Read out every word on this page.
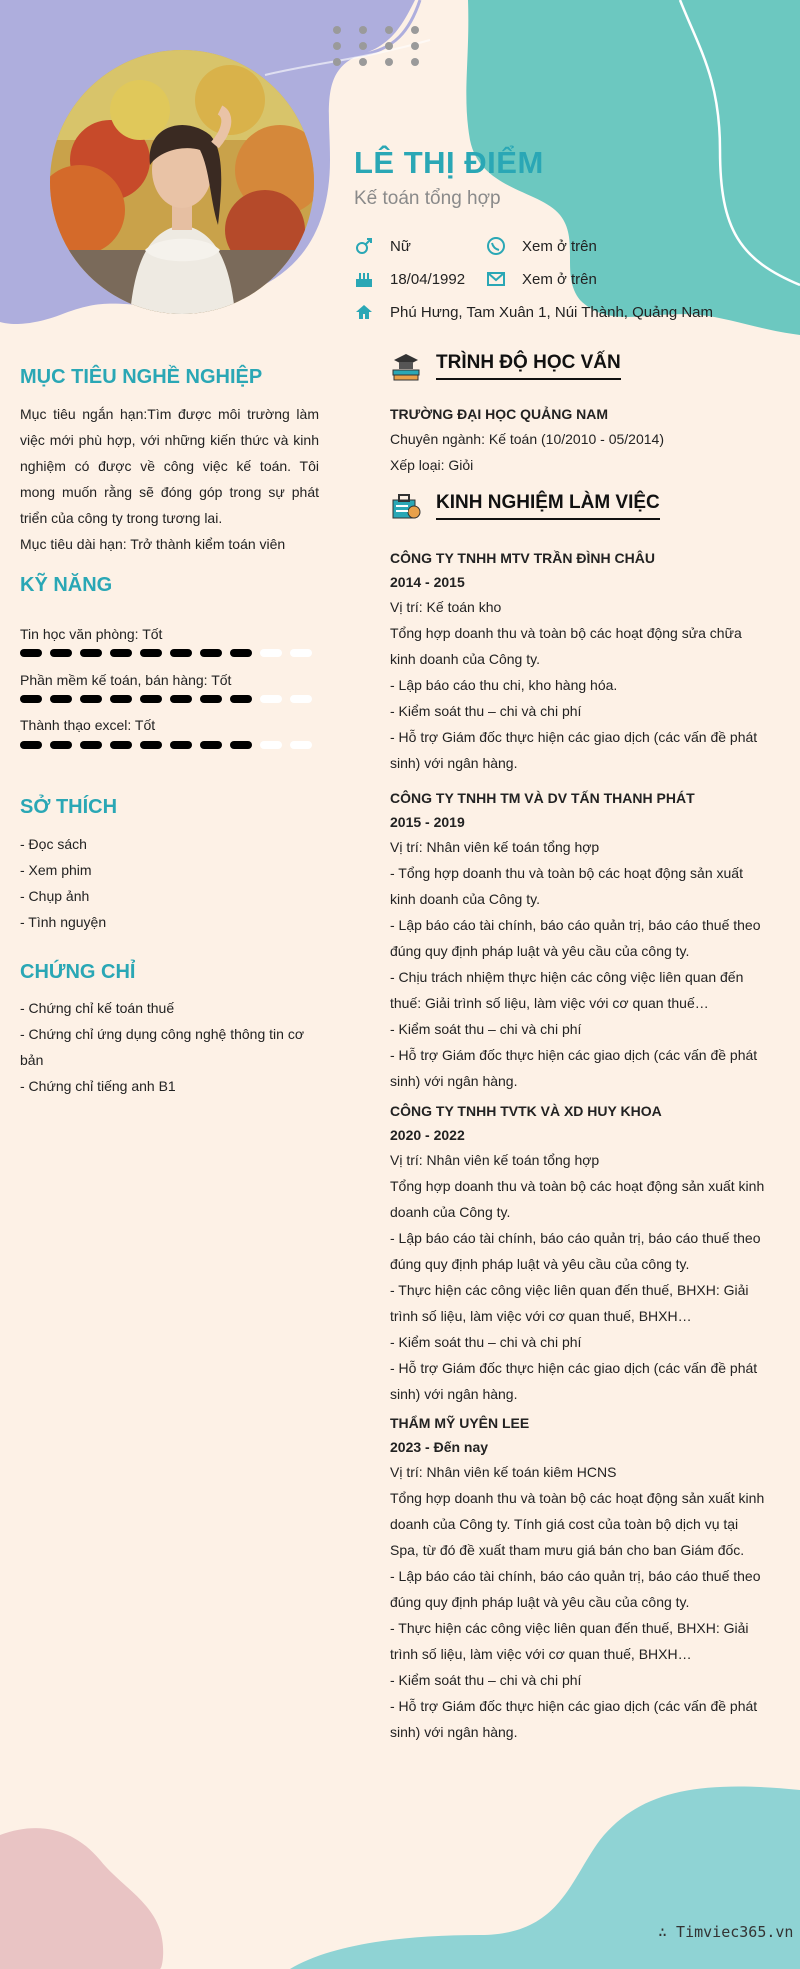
LÊ THỊ ĐIỂM
Kế toán tổng hợp
Nữ	Xem ở trên
18/04/1992	Xem ở trên
Phú Hưng, Tam Xuân 1, Núi Thành, Quảng Nam
MỤC TIÊU NGHỀ NGHIỆP
Mục tiêu ngắn hạn:Tìm được môi trường làm việc mới phù hợp, với những kiến thức và kinh nghiệm có được về công việc kế toán. Tôi mong muốn rằng sẽ đóng góp trong sự phát triển của công ty trong tương lai.
Mục tiêu dài hạn: Trở thành kiểm toán viên
KỸ NĂNG
Tin học văn phòng: Tốt
Phần mềm kế toán, bán hàng: Tốt
Thành thạo excel: Tốt
SỞ THÍCH
- Đọc sách
- Xem phim
- Chụp ảnh
- Tình nguyện
CHỨNG CHỈ
- Chứng chỉ kế toán thuế
- Chứng chỉ ứng dụng công nghệ thông tin cơ bản
- Chứng chỉ tiếng anh B1
TRÌNH ĐỘ HỌC VẤN
TRƯỜNG ĐẠI HỌC QUẢNG NAM
Chuyên ngành: Kế toán (10/2010 - 05/2014)
Xếp loại: Giỏi
KINH NGHIỆM LÀM VIỆC
CÔNG TY TNHH MTV TRẦN ĐÌNH CHÂU
2014 - 2015
Vị trí: Kế toán kho
Tổng hợp doanh thu và toàn bộ các hoạt động sửa chữa kinh doanh của Công ty.
- Lập báo cáo thu chi, kho hàng hóa.
- Kiểm soát thu – chi và chi phí
- Hỗ trợ Giám đốc thực hiện các giao dịch (các vấn đề phát sinh) với ngân hàng.
CÔNG TY TNHH TM VÀ DV TẤN THANH PHÁT
2015 - 2019
Vị trí: Nhân viên kế toán tổng hợp
- Tổng hợp doanh thu và toàn bộ các hoạt động sản xuất kinh doanh của Công ty.
- Lập báo cáo tài chính, báo cáo quản trị, báo cáo thuế theo đúng quy định pháp luật và yêu cầu của công ty.
- Chịu trách nhiệm thực hiện các công việc liên quan đến thuế: Giải trình số liệu, làm việc với cơ quan thuế…
- Kiểm soát thu – chi và chi phí
- Hỗ trợ Giám đốc thực hiện các giao dịch (các vấn đề phát sinh) với ngân hàng.
CÔNG TY TNHH TVTK VÀ XD HUY KHOA
2020 - 2022
Vị trí: Nhân viên kế toán tổng hợp
Tổng hợp doanh thu và toàn bộ các hoạt động sản xuất kinh doanh của Công ty.
- Lập báo cáo tài chính, báo cáo quản trị, báo cáo thuế theo đúng quy định pháp luật và yêu cầu của công ty.
- Thực hiện các công việc liên quan đến thuế, BHXH: Giải trình số liệu, làm việc với cơ quan thuế, BHXH…
- Kiểm soát thu – chi và chi phí
- Hỗ trợ Giám đốc thực hiện các giao dịch (các vấn đề phát sinh) với ngân hàng.
THẨM MỸ UYÊN LEE
2023 - Đến nay
Vị trí: Nhân viên kế toán kiêm HCNS
Tổng hợp doanh thu và toàn bộ các hoạt động sản xuất kinh doanh của Công ty. Tính giá cost của toàn bộ dịch vụ tại Spa, từ đó đề xuất tham mưu giá bán cho ban Giám đốc.
- Lập báo cáo tài chính, báo cáo quản trị, báo cáo thuế theo đúng quy định pháp luật và yêu cầu của công ty.
- Thực hiện các công việc liên quan đến thuế, BHXH: Giải trình số liệu, làm việc với cơ quan thuế, BHXH…
- Kiểm soát thu – chi và chi phí
- Hỗ trợ Giám đốc thực hiện các giao dịch (các vấn đề phát sinh) với ngân hàng.
∴ Timviec365.vn
